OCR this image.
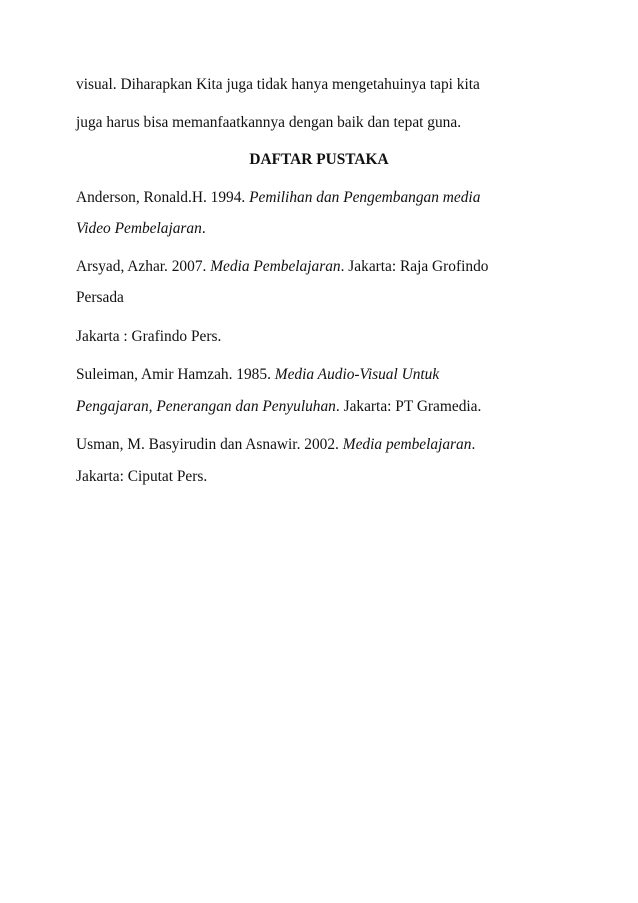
visual. Diharapkan Kita juga tidak hanya mengetahuinya tapi kita
juga harus bisa memanfaatkannya dengan baik dan tepat guna.
DAFTAR PUSTAKA
Anderson, Ronald.H. 1994. Pemilihan dan Pengembangan media
Video Pembelajaran.
Arsyad, Azhar. 2007. Media Pembelajaran. Jakarta: Raja Grofindo
Persada
Jakarta : Grafindo Pers.
Suleiman, Amir Hamzah. 1985. Media Audio-Visual Untuk
Pengajaran, Penerangan dan Penyuluhan. Jakarta: PT Gramedia.
Usman, M. Basyirudin dan Asnawir. 2002. Media pembelajaran.
Jakarta: Ciputat Pers.
